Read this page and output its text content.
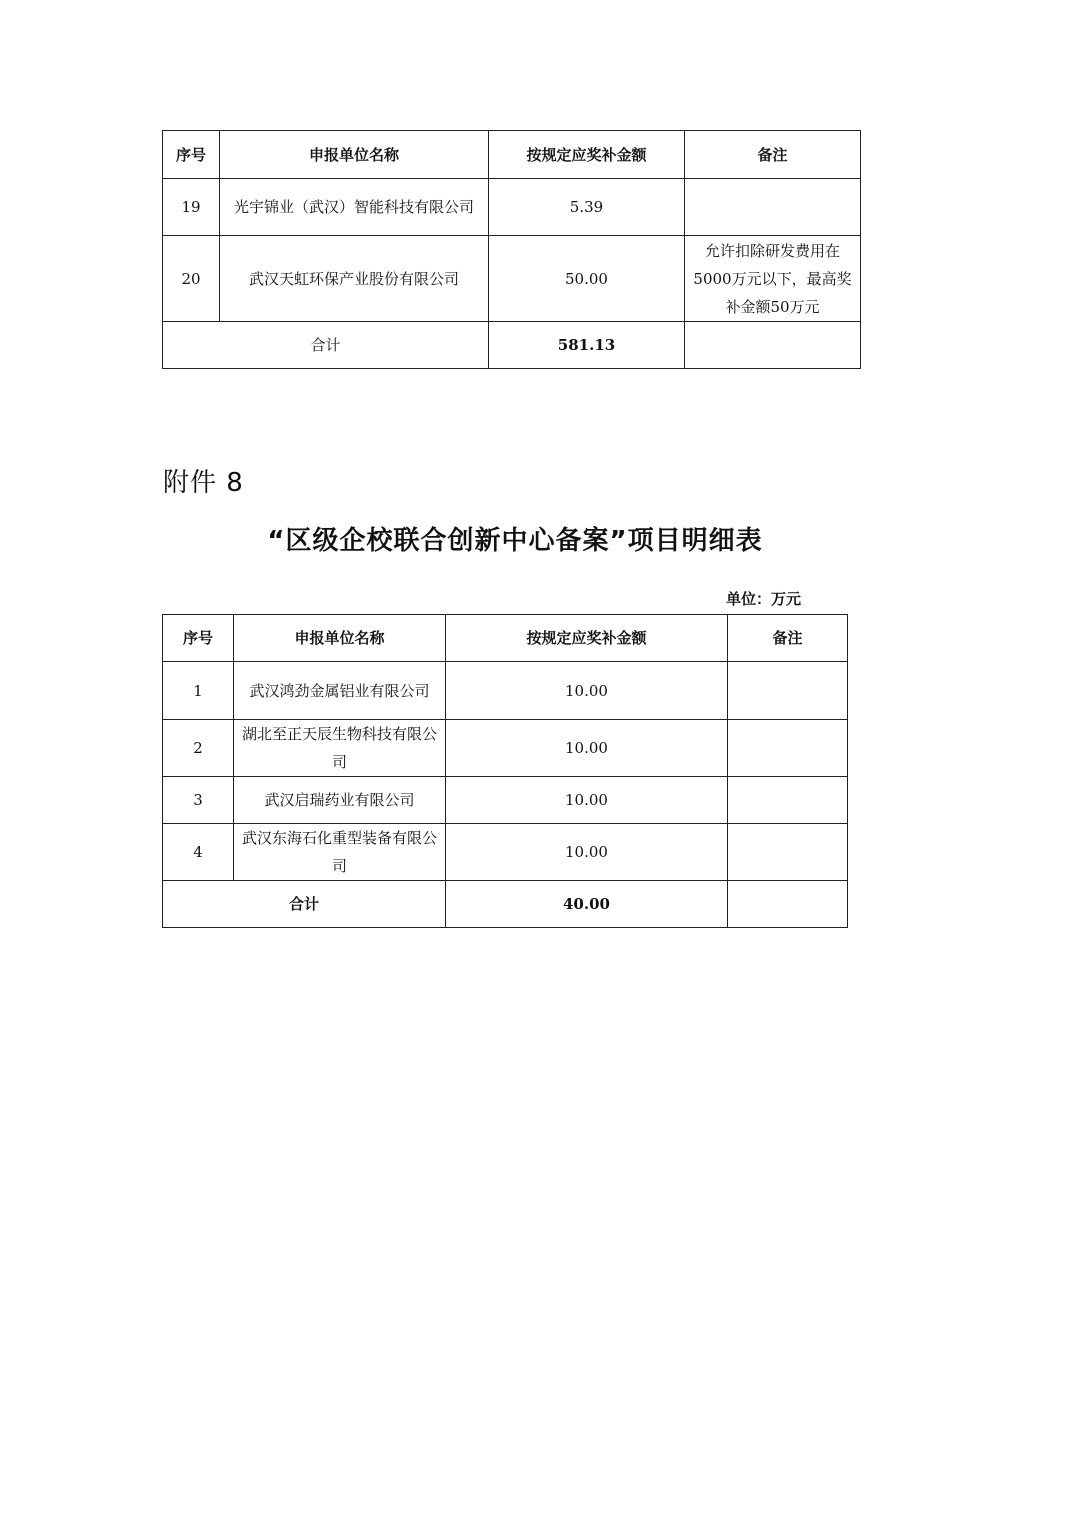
序号	申报单位名称	按规定应奖补金额	备注
19	光宇锦业（武汉）智能科技有限公司	5.39	
20	武汉天虹环保产业股份有限公司	50.00	允许扣除研发费用在5000万元以下，最高奖补金额50万元
合计		581.13	
附件 8
“区级企校联合创新中心备案”项目明细表
单位：万元
序号	申报单位名称	按规定应奖补金额	备注
1	武汉鸿劲金属铝业有限公司	10.00	
2	湖北至正天辰生物科技有限公司	10.00	
3	武汉启瑞药业有限公司	10.00	
4	武汉东海石化重型装备有限公司	10.00	
合计		40.00	
